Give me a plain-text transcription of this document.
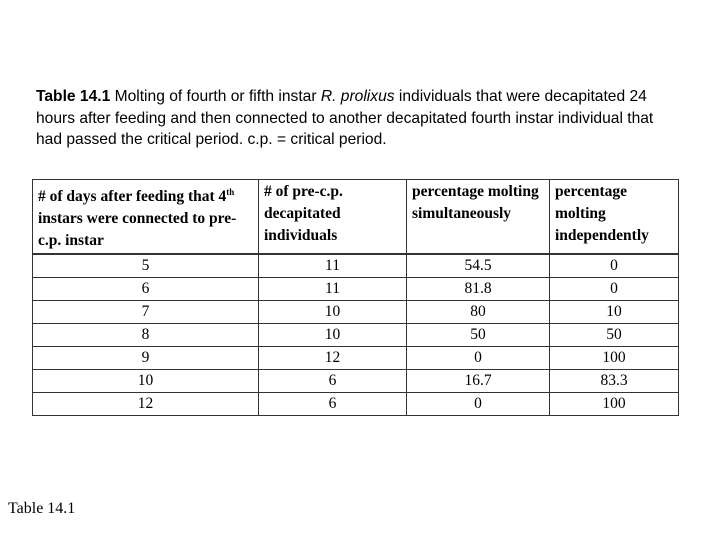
Table 14.1 Molting of fourth or fifth instar R. prolixus individuals that were decapitated 24 hours after feeding and then connected to another decapitated fourth instar individual that had passed the critical period. c.p. = critical period.
# of days after feeding that 4th instars were connected to pre-c.p. instar	# of pre-c.p. decapitated individuals	percentage molting simultaneously	percentage molting independently
5	11	54.5	0
6	11	81.8	0
7	10	80	10
8	10	50	50
9	12	0	100
10	6	16.7	83.3
12	6	0	100
Table 14.1
